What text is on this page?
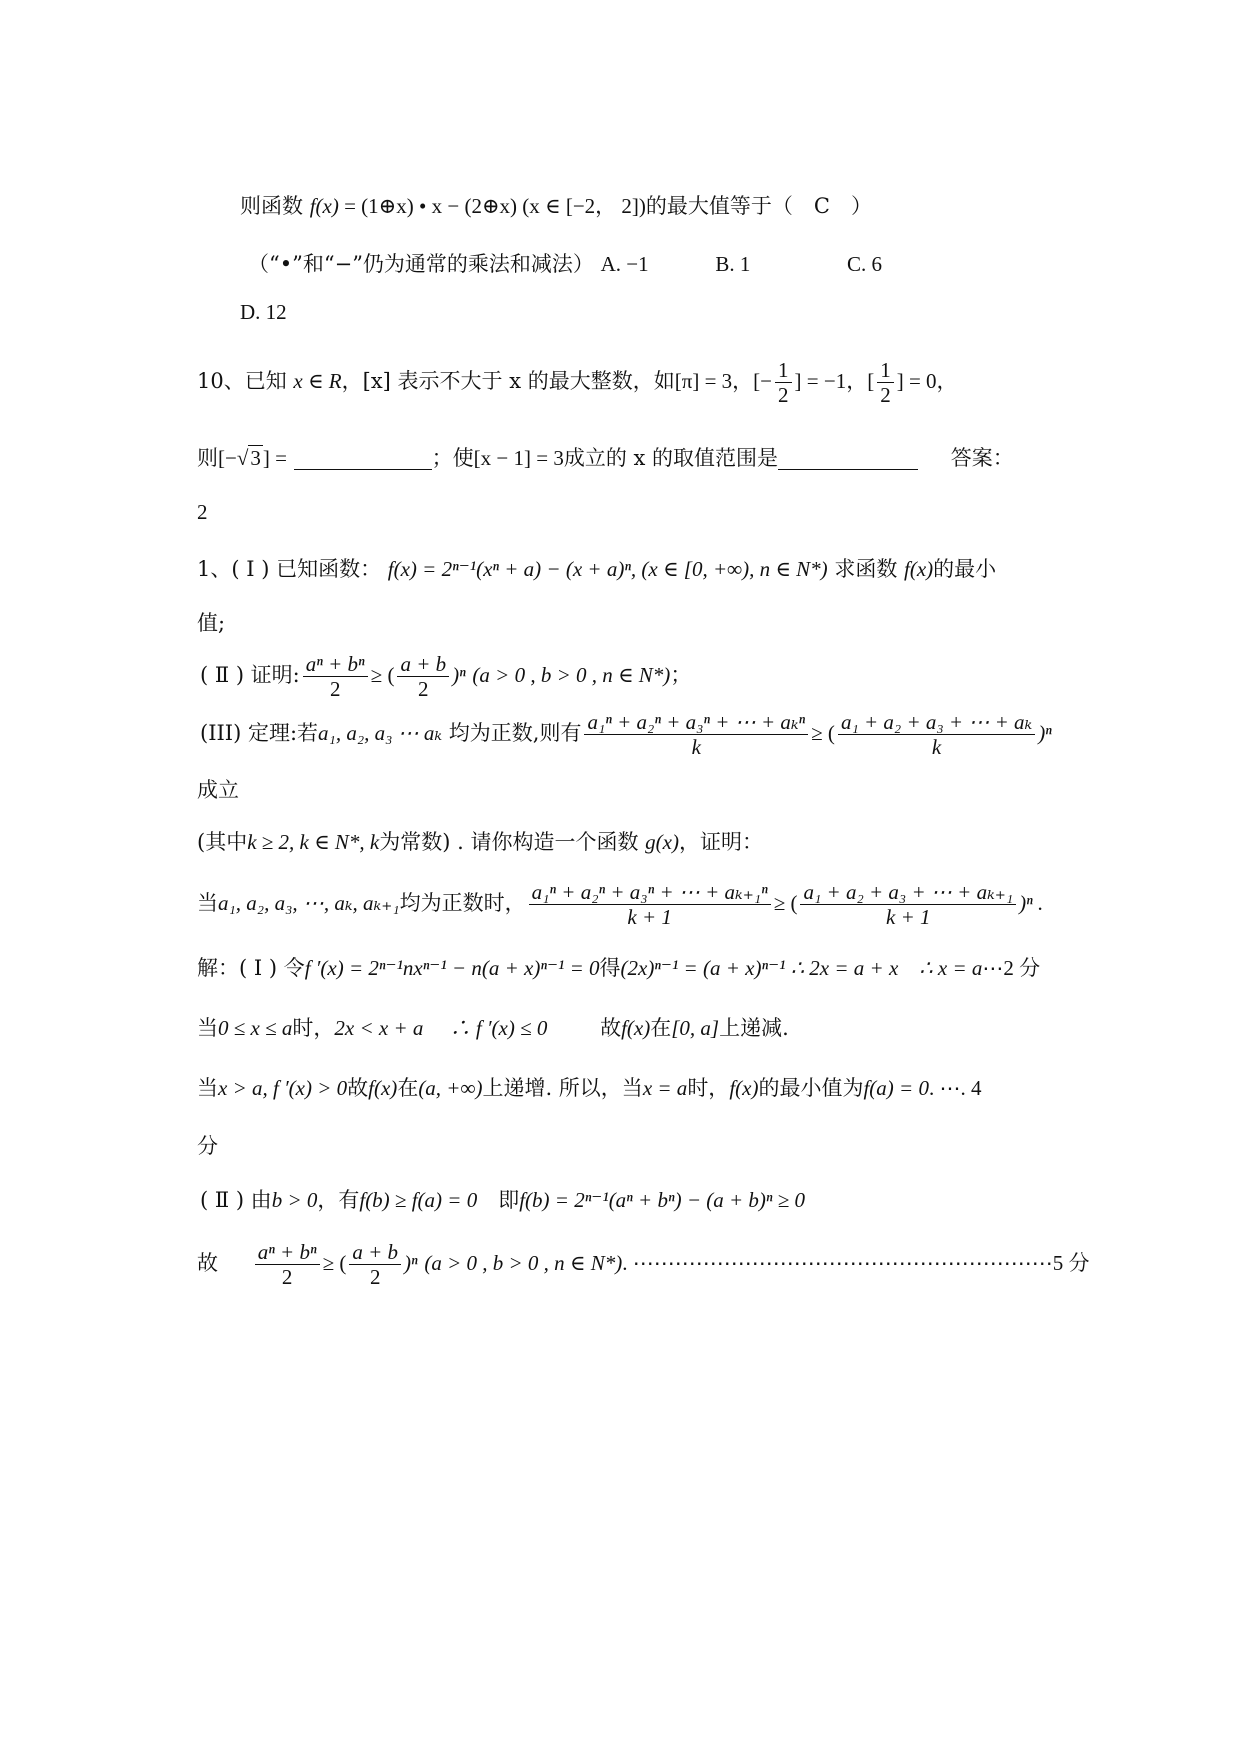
则函数 f(x) = (1⊕x) • x − (2⊕x) (x ∈ [−2， 2])的最大值等于（　C　）
（“•”和“−”仍为通常的乘法和减法） A. −1	B. 1	C. 6
D. 12
10、已知 x ∈ R，[x] 表示不大于 x 的最大整数，如[π] = 3，[− $\frac{1}{2}$ ] = −1，[ $\frac{1}{2}$ ] = 0，
则[−√3] =	；使[x − 1] = 3成立的 x 的取值范围是	答案：
2
1、( Ⅰ ) 已知函数： f(x) = 2ⁿ⁻¹(xⁿ + a) − (x + a)ⁿ, (x ∈ [0, +∞), n ∈ N*) 求函数 f(x)的最小
值;
( Ⅱ ) 证明: $\frac{\text{aⁿ + bⁿ}}{2}$ ≥ ( $\frac{a + b}{2} )^n$ (a > 0 , b > 0 , n ∈ N*)；
(III) 定理:若a₁, a₂, a₃ ⋯ aₖ 均为正数,则有 $\frac{\text{a₁ⁿ + a₂ⁿ + a₃ⁿ + ⋯ + aₖⁿ}}{k}$ ≥ ( $\frac{\text{a₁ + a₂ + a₃ + ⋯ + aₖ}}{k} )^n$
成立
(其中k ≥ 2, k ∈ N*, k为常数) . 请你构造一个函数 g(x)，证明：
当a₁, a₂, a₃, ⋯, aₖ, aₖ₊₁均为正数时， $\frac{\text{a₁ⁿ + a₂ⁿ + a₃ⁿ + ⋯ + aₖ₊₁ⁿ}}{k + 1}$ ≥ ( $\frac{\text{a₁ + a₂ + a₃ + ⋯ + aₖ₊₁}}{k + 1} )^n$ .
解：( Ⅰ ) 令f ′(x) = 2ⁿ⁻¹nxⁿ⁻¹ − n(a + x)ⁿ⁻¹ = 0得(2x)ⁿ⁻¹ = (a + x)ⁿ⁻¹ ∴ 2x = a + x　∴ x = a⋯2 分
当0 ≤ x ≤ a时，2x < x + a　 ∴ f ′(x) ≤ 0	故f(x)在[0, a]上递减.
当x > a, f ′(x) > 0故f(x)在(a, +∞)上递增. 所以，当x = a时，f(x)的最小值为f(a) = 0. ⋯. 4
分
( Ⅱ ) 由b > 0，有f(b) ≥ f(a) = 0　即f(b) = 2ⁿ⁻¹(aⁿ + bⁿ) − (a + b)ⁿ ≥ 0
故 $\frac{\text{aⁿ + bⁿ}}{2}$ ≥ ( $\frac{a + b}{2} )^n$ (a > 0 , b > 0 , n ∈ N*). ⋯⋯⋯⋯⋯⋯⋯⋯⋯⋯⋯⋯⋯⋯⋯⋯⋯⋯⋯⋯5 分
